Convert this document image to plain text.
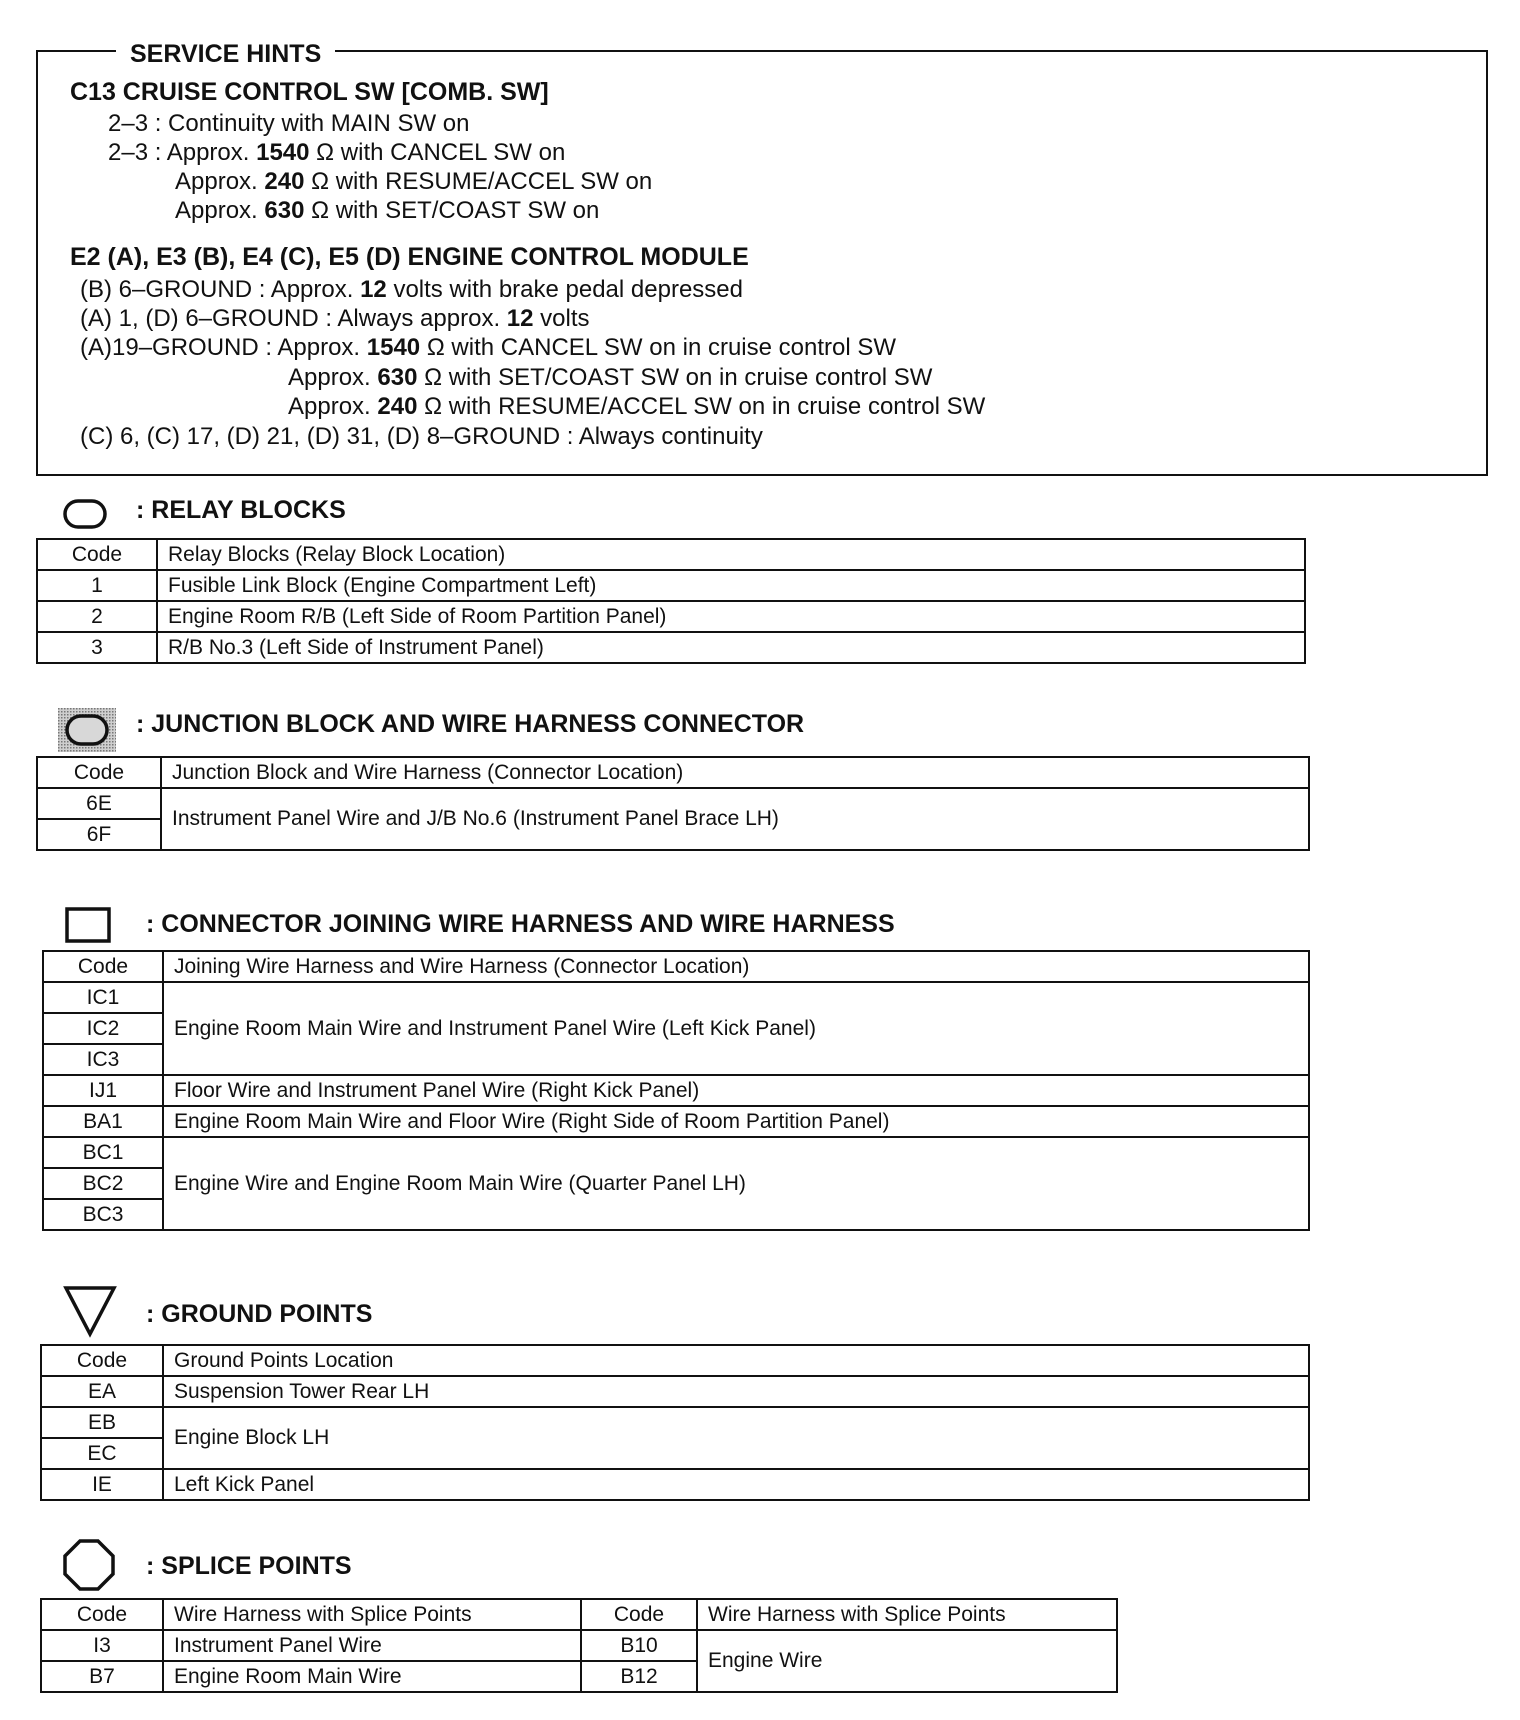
SERVICE HINTS
C13 CRUISE CONTROL SW [COMB. SW]
2–3 : Continuity with MAIN SW on
2–3 : Approx. 1540 Ω with CANCEL SW on
Approx. 240 Ω with RESUME/ACCEL SW on
Approx. 630 Ω with SET/COAST SW on
E2 (A), E3 (B), E4 (C), E5 (D) ENGINE CONTROL MODULE
(B) 6–GROUND : Approx. 12 volts with brake pedal depressed
(A) 1, (D) 6–GROUND : Always approx. 12 volts
(A)19–GROUND : Approx. 1540 Ω with CANCEL SW on in cruise control SW
Approx. 630 Ω with SET/COAST SW on in cruise control SW
Approx. 240 Ω with RESUME/ACCEL SW on in cruise control SW
(C) 6, (C) 17, (D) 21, (D) 31, (D) 8–GROUND : Always continuity
: RELAY BLOCKS
Code	Relay Blocks (Relay Block Location)
1	Fusible Link Block (Engine Compartment Left)
2	Engine Room R/B (Left Side of Room Partition Panel)
3	R/B No.3 (Left Side of Instrument Panel)
: JUNCTION BLOCK AND WIRE HARNESS CONNECTOR
Code	Junction Block and Wire Harness (Connector Location)
6E	Instrument Panel Wire and J/B No.6 (Instrument Panel Brace LH)
6F	
: CONNECTOR JOINING WIRE HARNESS AND WIRE HARNESS
Code	Joining Wire Harness and Wire Harness (Connector Location)
IC1	Engine Room Main Wire and Instrument Panel Wire (Left Kick Panel)
IC2	
IC3	
IJ1	Floor Wire and Instrument Panel Wire (Right Kick Panel)
BA1	Engine Room Main Wire and Floor Wire (Right Side of Room Partition Panel)
BC1	Engine Wire and Engine Room Main Wire (Quarter Panel LH)
BC2	
BC3	
: GROUND POINTS
Code	Ground Points Location
EA	Suspension Tower Rear LH
EB	Engine Block LH
EC	
IE	Left Kick Panel
: SPLICE POINTS
Code	Wire Harness with Splice Points	Code	Wire Harness with Splice Points
I3	Instrument Panel Wire	B10	Engine Wire
B7	Engine Room Main Wire	B12	
